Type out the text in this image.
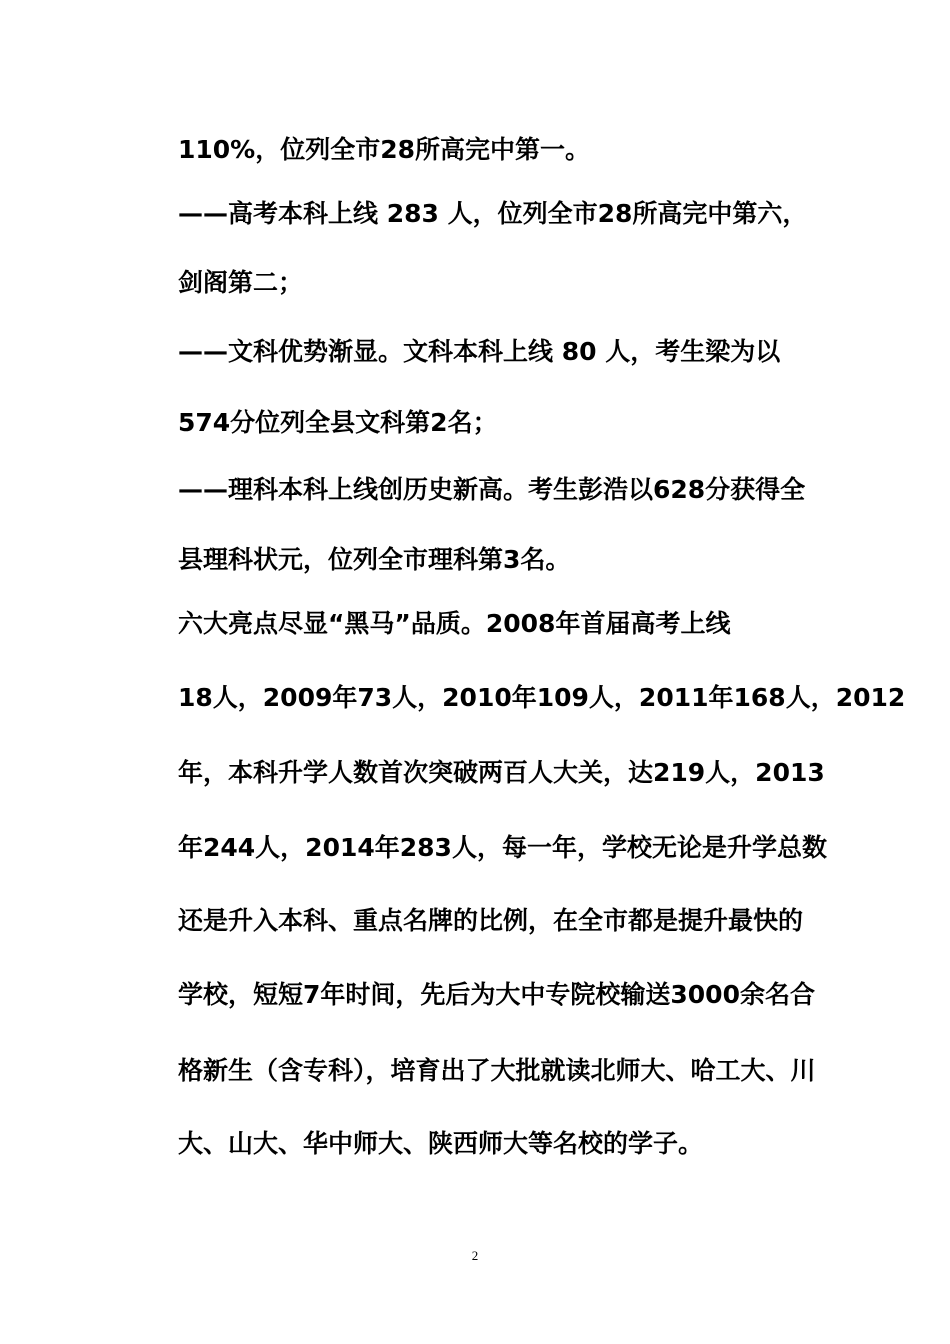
110%，位列全市28所高完中第一。
——高考本科上线 283 人，位列全市28所高完中第六，
剑阁第二；
——文科优势渐显。文科本科上线 80 人，考生梁为以
574分位列全县文科第2名；
——理科本科上线创历史新高。考生彭浩以628分获得全
县理科状元，位列全市理科第3名。
六大亮点尽显“黑马”品质。2008年首届高考上线
18人，2009年73人，2010年109人，2011年168人，2012
年，本科升学人数首次突破两百人大关，达219人，2013
年244人，2014年283人，每一年，学校无论是升学总数
还是升入本科、重点名牌的比例，在全市都是提升最快的
学校，短短7年时间，先后为大中专院校输送3000余名合
格新生（含专科），培育出了大批就读北师大、哈工大、川
大、山大、华中师大、陕西师大等名校的学子。
2
